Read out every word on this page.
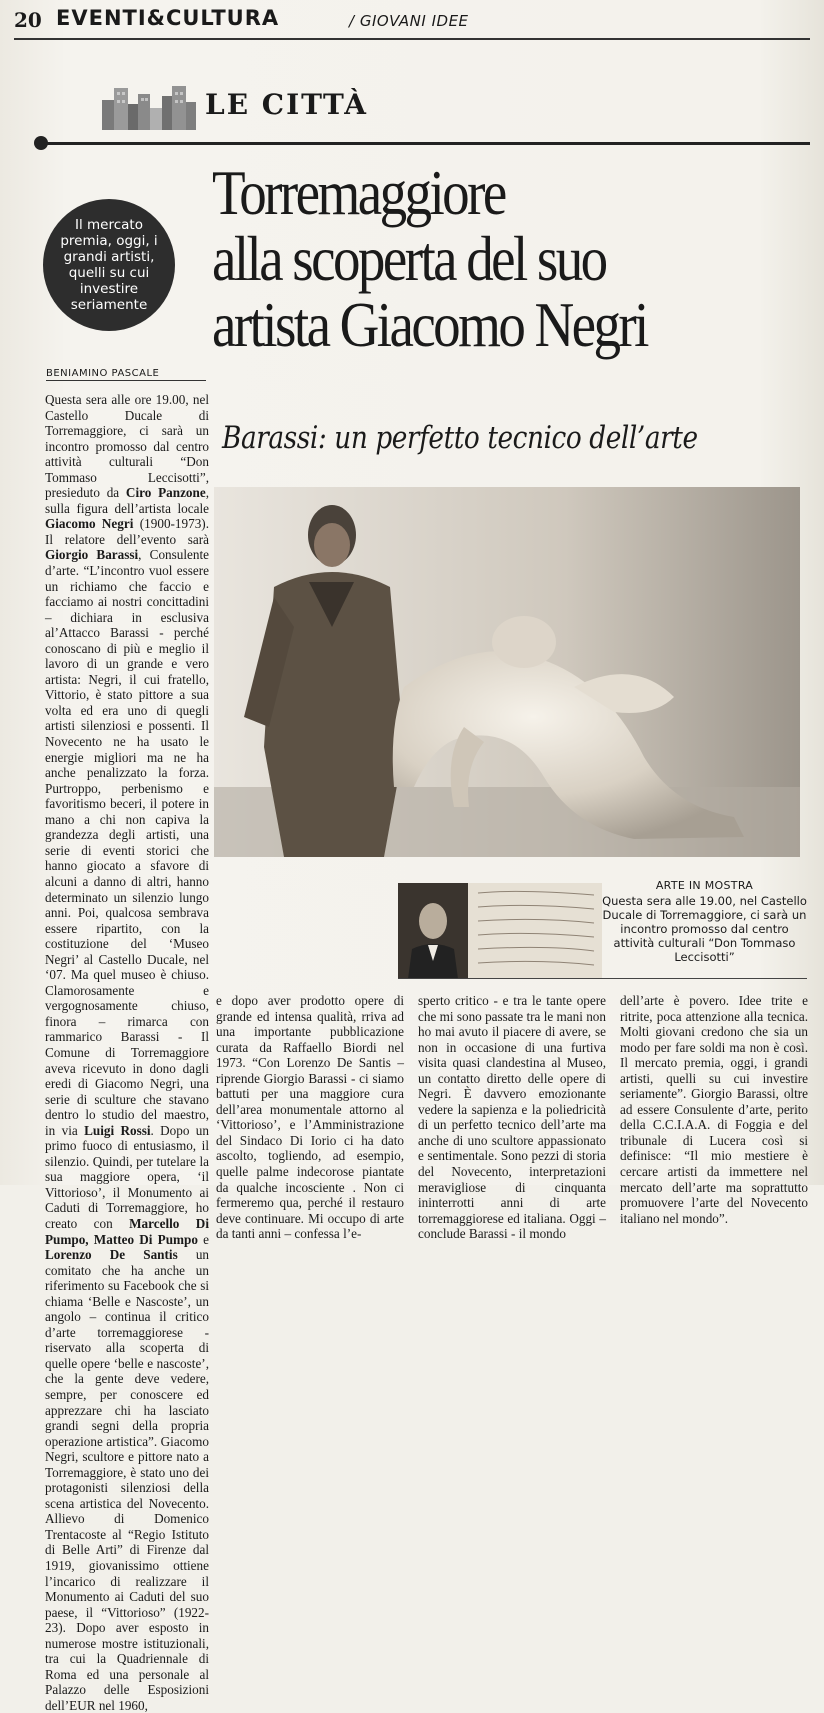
20 EVENTI&CULTURA	/ GIOVANI IDEE
LE CITTÀ
Torremaggiore
alla scoperta del suo
artista Giacomo Negri
Barassi: un perfetto tecnico dell’arte
Il mercato premia, oggi, i grandi artisti, quelli su cui investire seriamente
BENIAMINO PASCALE
Questa sera alle ore 19.00, nel Castello Ducale di Torremaggiore, ci sarà un incontro promosso dal centro attività culturali “Don Tommaso Leccisotti”, presieduto da Ciro Panzone, sulla figura dell’artista locale Giacomo Negri (1900-1973). Il relatore dell’evento sarà Giorgio Barassi, Consulente d’arte. “L’incontro vuol essere un richiamo che faccio e facciamo ai nostri concittadini – dichiara in esclusiva al’Attacco Barassi - perché conoscano di più e meglio il lavoro di un grande e vero artista: Negri, il cui fratello, Vittorio, è stato pittore a sua volta ed era uno di quegli artisti silenziosi e possenti. Il Novecento ne ha usato le energie migliori ma ne ha anche penalizzato la forza. Purtroppo, perbenismo e favoritismo beceri, il potere in mano a chi non capiva la grandezza degli artisti, una serie di eventi storici che hanno giocato a sfavore di alcuni a danno di altri, hanno determinato un silenzio lungo anni. Poi, qualcosa sembrava essere ripartito, con la costituzione del ‘Museo Negri’ al Castello Ducale, nel ‘07. Ma quel museo è chiuso. Clamorosamente e vergognosamente chiuso, finora – rimarca con rammarico Barassi - Il Comune di Torremaggiore aveva ricevuto in dono dagli eredi di Giacomo Negri, una serie di sculture che stavano dentro lo studio del maestro, in via Luigi Rossi. Dopo un primo fuoco di entusiasmo, il silenzio. Quindi, per tutelare la sua maggiore opera, ‘il Vittorioso’, il Monumento ai Caduti di Torremaggiore, ho creato con Marcello Di Pumpo, Matteo Di Pumpo e Lorenzo De Santis un comitato che ha anche un riferimento su Facebook che si chiama ‘Belle e Nascoste’, un angolo – continua il critico d’arte torremaggiorese - riservato alla scoperta di quelle opere ‘belle e nascoste’, che la gente deve vedere, sempre, per conoscere ed apprezzare chi ha lasciato grandi segni della propria operazione artistica”. Giacomo Negri, scultore e pittore nato a Torremaggiore, è stato uno dei protagonisti silenziosi della scena artistica del Novecento. Allievo di Domenico Trentacoste al “Regio Istituto di Belle Arti” di Firenze dal 1919, giovanissimo ottiene l’incarico di realizzare il Monumento ai Caduti del suo paese, il “Vittorioso” (1922-23). Dopo aver esposto in numerose mostre istituzionali, tra cui la Quadriennale di Roma ed una personale al Palazzo delle Esposizioni dell’EUR nel 1960,
ARTE IN MOSTRA
Questa sera alle 19.00, nel Castello Ducale di Torremaggiore, ci sarà un incontro promosso dal centro attività culturali “Don Tommaso Leccisotti”
e dopo aver prodotto opere di grande ed intensa qualità, rriva ad una importante pubblicazione curata da Raffaello Biordi nel 1973. “Con Lorenzo De Santis – riprende Giorgio Barassi - ci siamo battuti per una maggiore cura dell’area monumentale attorno al ‘Vittorioso’, e l’Amministrazione del Sindaco Di Iorio ci ha dato ascolto, togliendo, ad esempio, quelle palme indecorose piantate da qualche incosciente . Non ci fermeremo qua, perché il restauro deve continuare. Mi occupo di arte da tanti anni – confessa l’e-
sperto critico - e tra le tante opere che mi sono passate tra le mani non ho mai avuto il piacere di avere, se non in occasione di una furtiva visita quasi clandestina al Museo, un contatto diretto delle opere di Negri. È davvero emozionante vedere la sapienza e la poliedricità di un perfetto tecnico dell’arte ma anche di uno scultore appassionato e sentimentale. Sono pezzi di storia del Novecento, interpretazioni meravigliose di cinquanta ininterrotti anni di arte torremaggiorese ed italiana. Oggi – conclude Barassi - il mondo
dell’arte è povero. Idee trite e ritrite, poca attenzione alla tecnica. Molti giovani credono che sia un modo per fare soldi ma non è così. Il mercato premia, oggi, i grandi artisti, quelli su cui investire seriamente”. Giorgio Barassi, oltre ad essere Consulente d’arte, perito della C.C.I.A.A. di Foggia e del tribunale di Lucera così si definisce: “Il mio mestiere è cercare artisti da immettere nel mercato dell’arte ma soprattutto promuovere l’arte del Novecento italiano nel mondo”.
